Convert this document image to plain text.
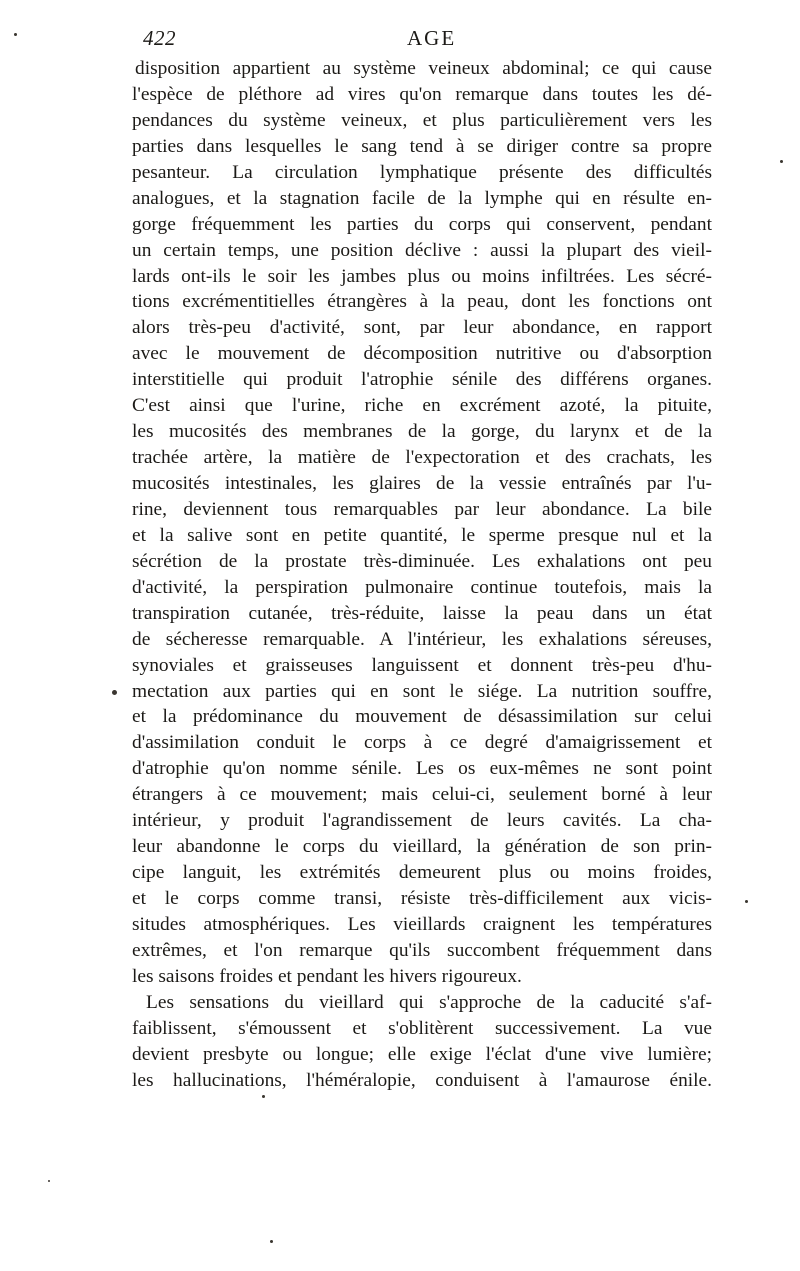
422	AGE
disposition appartient au système veineux abdominal; ce qui cause
l'espèce de pléthore ad vires qu'on remarque dans toutes les dé-
pendances du système veineux, et plus particulièrement vers les
parties dans lesquelles le sang tend à se diriger contre sa propre
pesanteur. La circulation lymphatique présente des difficultés
analogues, et la stagnation facile de la lymphe qui en résulte en-
gorge fréquemment les parties du corps qui conservent, pendant
un certain temps, une position déclive : aussi la plupart des vieil-
lards ont-ils le soir les jambes plus ou moins infiltrées. Les sécré-
tions excrémentitielles étrangères à la peau, dont les fonctions ont
alors très-peu d'activité, sont, par leur abondance, en rapport
avec le mouvement de décomposition nutritive ou d'absorption
interstitielle qui produit l'atrophie sénile des différens organes.
C'est ainsi que l'urine, riche en excrément azoté, la pituite,
les mucosités des membranes de la gorge, du larynx et de la
trachée artère, la matière de l'expectoration et des crachats, les
mucosités intestinales, les glaires de la vessie entraînés par l'u-
rine, deviennent tous remarquables par leur abondance. La bile
et la salive sont en petite quantité, le sperme presque nul et la
sécrétion de la prostate très-diminuée. Les exhalations ont peu
d'activité, la perspiration pulmonaire continue toutefois, mais la
transpiration cutanée, très-réduite, laisse la peau dans un état
de sécheresse remarquable. A l'intérieur, les exhalations séreuses,
synoviales et graisseuses languissent et donnent très-peu d'hu-
mectation aux parties qui en sont le siége. La nutrition souffre,
et la prédominance du mouvement de désassimilation sur celui
d'assimilation conduit le corps à ce degré d'amaigrissement et
d'atrophie qu'on nomme sénile. Les os eux-mêmes ne sont point
étrangers à ce mouvement; mais celui-ci, seulement borné à leur
intérieur, y produit l'agrandissement de leurs cavités. La cha-
leur abandonne le corps du vieillard, la génération de son prin-
cipe languit, les extrémités demeurent plus ou moins froides,
et le corps comme transi, résiste très-difficilement aux vicis-
situdes atmosphériques. Les vieillards craignent les températures
extrêmes, et l'on remarque qu'ils succombent fréquemment dans
les saisons froides et pendant les hivers rigoureux.
Les sensations du vieillard qui s'approche de la caducité s'af-
faiblissent, s'émoussent et s'oblitèrent successivement. La vue
devient presbyte ou longue; elle exige l'éclat d'une vive lumière;
les hallucinations, l'héméralopie, conduisent à l'amaurose énile.
